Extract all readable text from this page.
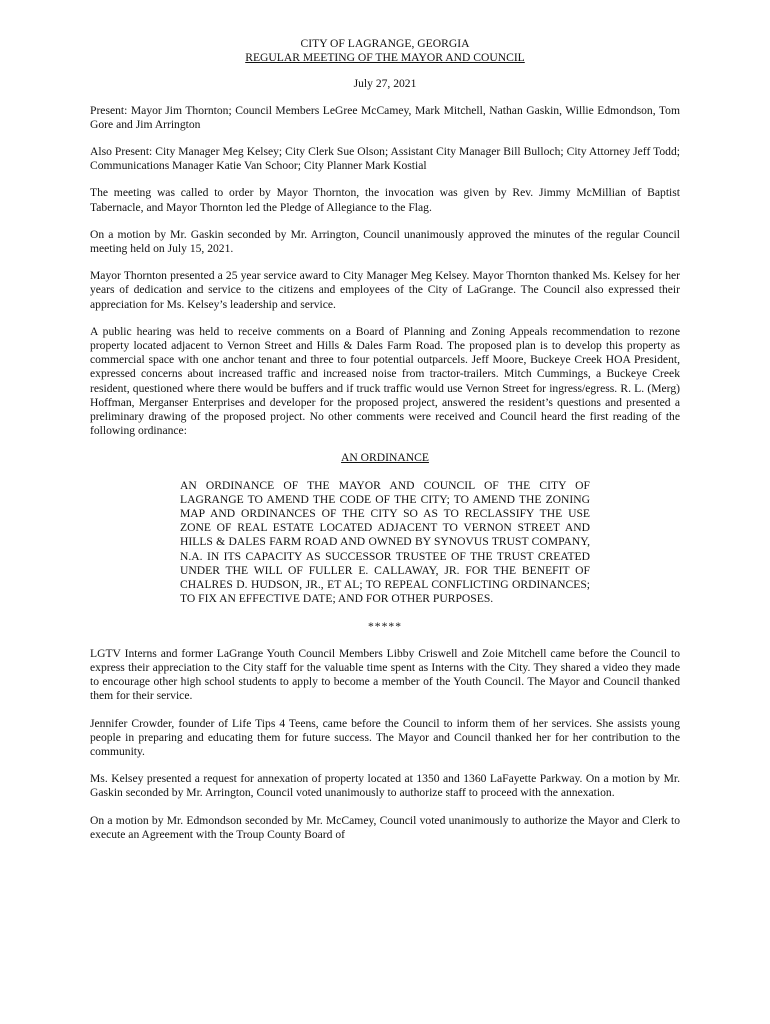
CITY OF LAGRANGE, GEORGIA

REGULAR MEETING OF THE MAYOR AND COUNCIL

July 27, 2021

Present: Mayor Jim Thornton; Council Members LeGree McCamey, Mark Mitchell, Nathan Gaskin, Willie Edmondson, Tom Gore and Jim Arrington

Also Present: City Manager Meg Kelsey; City Clerk Sue Olson; Assistant City Manager Bill Bulloch; City Attorney Jeff Todd; Communications Manager Katie Van Schoor; City Planner Mark Kostial

The meeting was called to order by Mayor Thornton, the invocation was given by Rev. Jimmy McMillian of Baptist Tabernacle, and Mayor Thornton led the Pledge of Allegiance to the Flag.

On a motion by Mr. Gaskin seconded by Mr. Arrington, Council unanimously approved the minutes of the regular Council meeting held on July 15, 2021.

Mayor Thornton presented a 25 year service award to City Manager Meg Kelsey. Mayor Thornton thanked Ms. Kelsey for her years of dedication and service to the citizens and employees of the City of LaGrange. The Council also expressed their appreciation for Ms. Kelsey’s leadership and service.

A public hearing was held to receive comments on a Board of Planning and Zoning Appeals recommendation to rezone property located adjacent to Vernon Street and Hills & Dales Farm Road. The proposed plan is to develop this property as commercial space with one anchor tenant and three to four potential outparcels. Jeff Moore, Buckeye Creek HOA President, expressed concerns about increased traffic and increased noise from tractor-trailers. Mitch Cummings, a Buckeye Creek resident, questioned where there would be buffers and if truck traffic would use Vernon Street for ingress/egress. R. L. (Merg) Hoffman, Merganser Enterprises and developer for the proposed project, answered the resident’s questions and presented a preliminary drawing of the proposed project. No other comments were received and Council heard the first reading of the following ordinance:

AN ORDINANCE

AN ORDINANCE OF THE MAYOR AND COUNCIL OF THE CITY OF LAGRANGE TO AMEND THE CODE OF THE CITY; TO AMEND THE ZONING MAP AND ORDINANCES OF THE CITY SO AS TO RECLASSIFY THE USE ZONE OF REAL ESTATE LOCATED ADJACENT TO VERNON STREET AND HILLS & DALES FARM ROAD AND OWNED BY SYNOVUS TRUST COMPANY, N.A. IN ITS CAPACITY AS SUCCESSOR TRUSTEE OF THE TRUST CREATED UNDER THE WILL OF FULLER E. CALLAWAY, JR. FOR THE BENEFIT OF CHALRES D. HUDSON, JR., ET AL; TO REPEAL CONFLICTING ORDINANCES; TO FIX AN EFFECTIVE DATE; AND FOR OTHER PURPOSES.

*****

LGTV Interns and former LaGrange Youth Council Members Libby Criswell and Zoie Mitchell came before the Council to express their appreciation to the City staff for the valuable time spent as Interns with the City. They shared a video they made to encourage other high school students to apply to become a member of the Youth Council. The Mayor and Council thanked them for their service.

Jennifer Crowder, founder of Life Tips 4 Teens, came before the Council to inform them of her services. She assists young people in preparing and educating them for future success. The Mayor and Council thanked her for her contribution to the community.

Ms. Kelsey presented a request for annexation of property located at 1350 and 1360 LaFayette Parkway. On a motion by Mr. Gaskin seconded by Mr. Arrington, Council voted unanimously to authorize staff to proceed with the annexation.

On a motion by Mr. Edmondson seconded by Mr. McCamey, Council voted unanimously to authorize the Mayor and Clerk to execute an Agreement with the Troup County Board of
